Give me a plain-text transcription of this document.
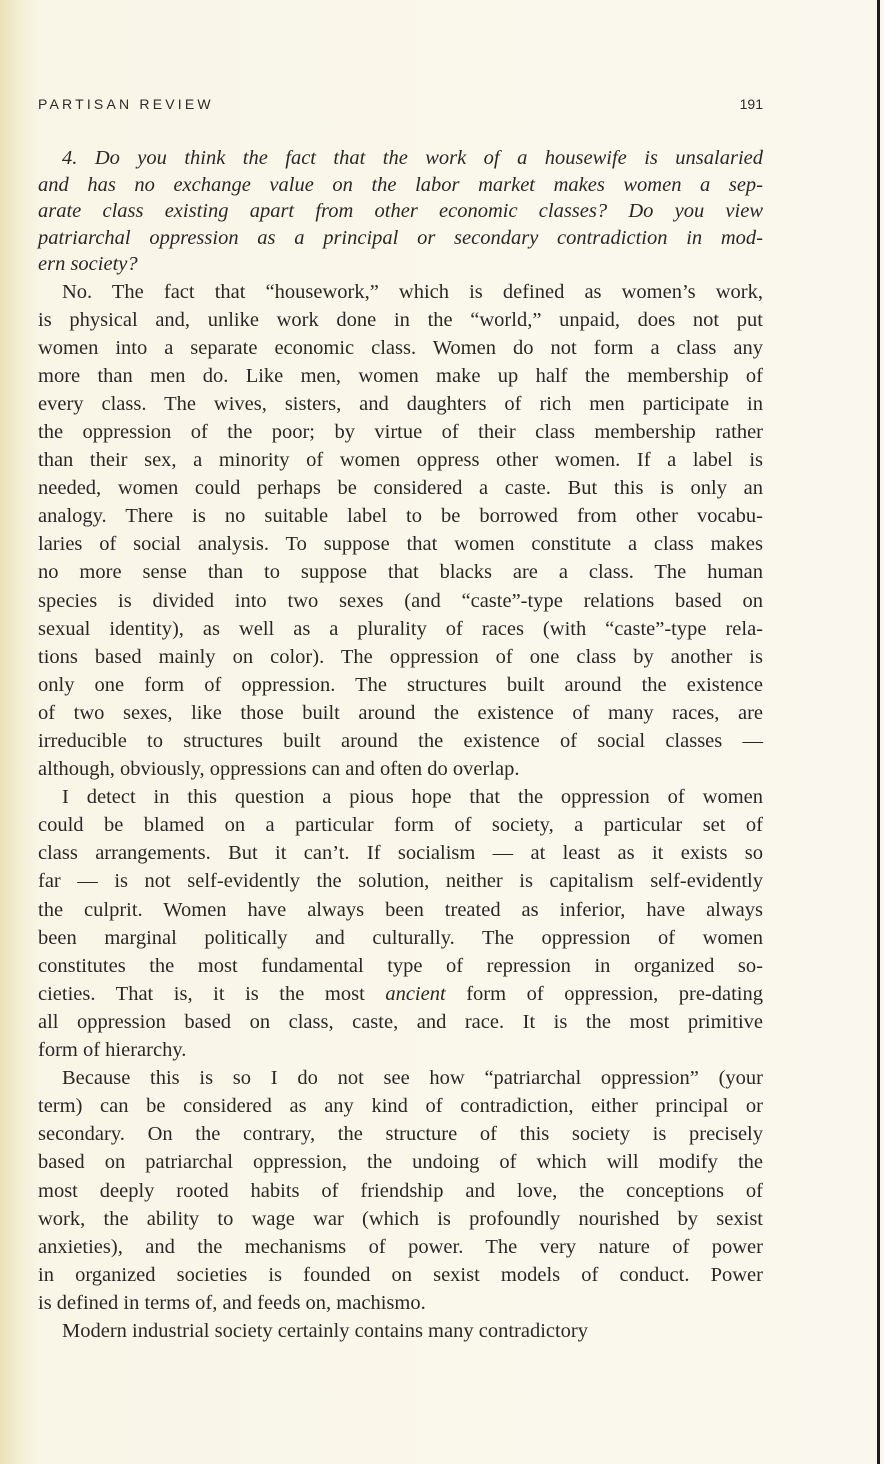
PARTISAN REVIEW	191
4. Do you think the fact that the work of a housewife is unsalaried
and has no exchange value on the labor market makes women a sep-
arate class existing apart from other economic classes? Do you view
patriarchal oppression as a principal or secondary contradiction in mod-
ern society?
No. The fact that “housework,” which is defined as women’s work,
is physical and, unlike work done in the “world,” unpaid, does not put
women into a separate economic class. Women do not form a class any
more than men do. Like men, women make up half the membership of
every class. The wives, sisters, and daughters of rich men participate in
the oppression of the poor; by virtue of their class membership rather
than their sex, a minority of women oppress other women. If a label is
needed, women could perhaps be considered a caste. But this is only an
analogy. There is no suitable label to be borrowed from other vocabu-
laries of social analysis. To suppose that women constitute a class makes
no more sense than to suppose that blacks are a class. The human
species is divided into two sexes (and “caste”-type relations based on
sexual identity), as well as a plurality of races (with “caste”-type rela-
tions based mainly on color). The oppression of one class by another is
only one form of oppression. The structures built around the existence
of two sexes, like those built around the existence of many races, are
irreducible to structures built around the existence of social classes —
although, obviously, oppressions can and often do overlap.
I detect in this question a pious hope that the oppression of women
could be blamed on a particular form of society, a particular set of
class arrangements. But it can’t. If socialism — at least as it exists so
far — is not self-evidently the solution, neither is capitalism self-evidently
the culprit. Women have always been treated as inferior, have always
been marginal politically and culturally. The oppression of women
constitutes the most fundamental type of repression in organized so-
cieties. That is, it is the most ancient form of oppression, pre-dating
all oppression based on class, caste, and race. It is the most primitive
form of hierarchy.
Because this is so I do not see how “patriarchal oppression” (your
term) can be considered as any kind of contradiction, either principal or
secondary. On the contrary, the structure of this society is precisely
based on patriarchal oppression, the undoing of which will modify the
most deeply rooted habits of friendship and love, the conceptions of
work, the ability to wage war (which is profoundly nourished by sexist
anxieties), and the mechanisms of power. The very nature of power
in organized societies is founded on sexist models of conduct. Power
is defined in terms of, and feeds on, machismo.
Modern industrial society certainly contains many contradictory
